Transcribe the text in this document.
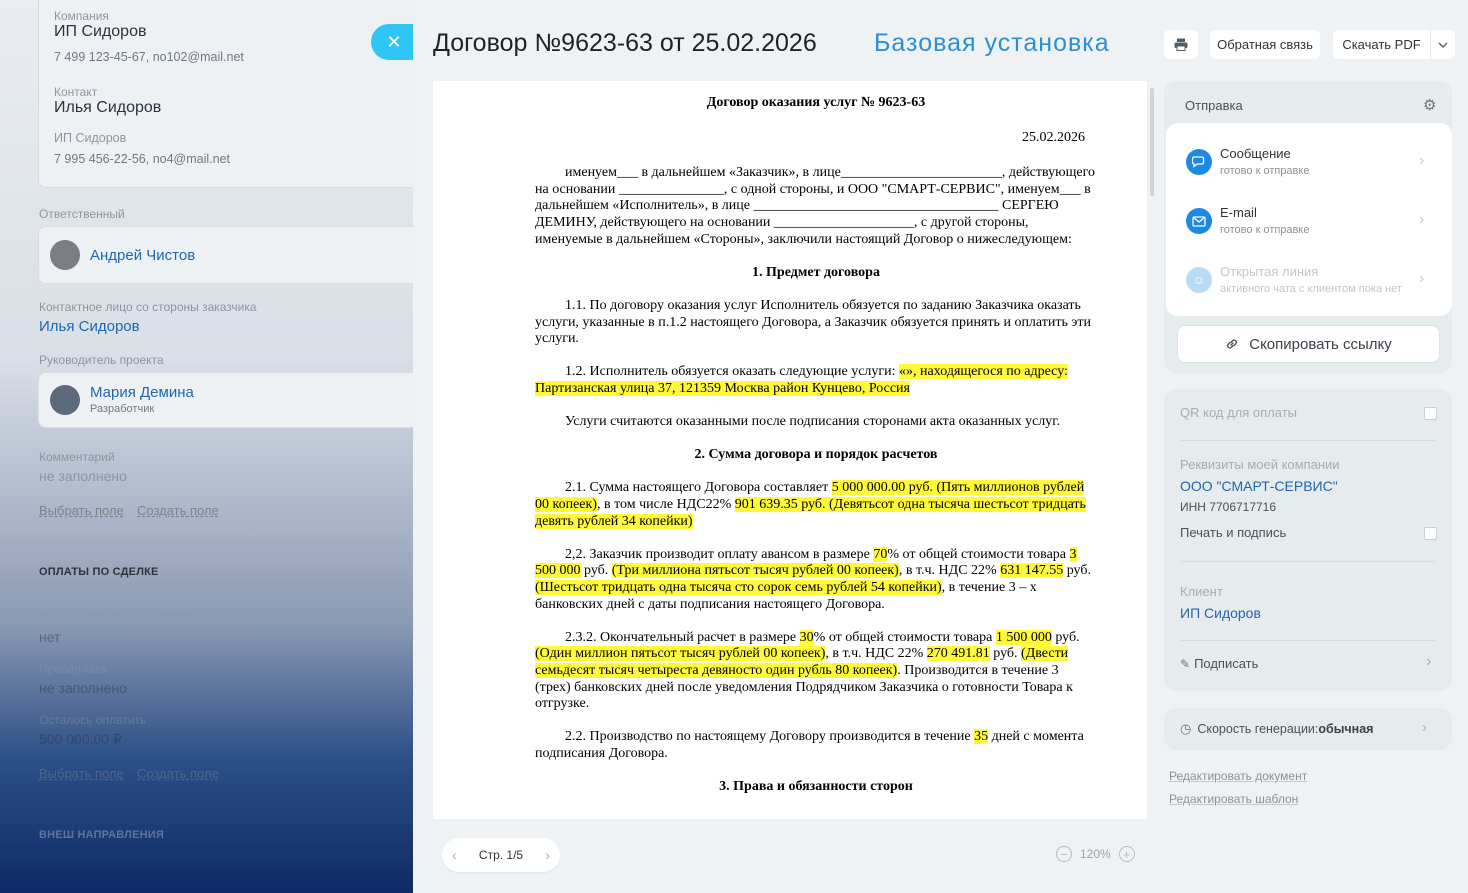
Компания
ИП Сидоров
7 499 123-45-67, no102@mail.net
Контакт
Илья Сидоров
ИП Сидоров
7 995 456-22-56, no4@mail.net
Ответственный
Андрей Чистов
Контактное лицо со стороны заказчика
Илья Сидоров
Руководитель проекта
Мария Демина
Разработчик
Комментарий
не заполнено
Выбрать поле Создать поле
ОПЛАТЫ ПО СДЕЛКЕ
Пересчитать данные сделки
нет
Предоплата
не заполнено
Осталось оплатить
500 000.00 ₽
Выбрать поле Создать поле
ВНЕШ НАПРАВЛЕНИЯ
✕ Договор №9623-63 от 25.02.2026 Базовая установка	Обратная связь	Скачать PDF

Договор оказания услуг № 9623-63

25.02.2026

именуем___ в дальнейшем «Заказчик», в лице_______________________, действующего на основании _______________, с одной стороны, и ООО "СМАРТ-СЕРВИС", именуем___ в дальнейшем «Исполнитель», в лице ___________________________________ СЕРГЕЮ ДЕМИНУ, действующего на основании ____________________, с другой стороны, именуемые в дальнейшем «Стороны», заключили настоящий Договор о нижеследующем:

1. Предмет договора

1.1. По договору оказания услуг Исполнитель обязуется по заданию Заказчика оказать услуги, указанные в п.1.2 настоящего Договора, а Заказчик обязуется принять и оплатить эти услуги.

1.2. Исполнитель обязуется оказать следующие услуги: «», находящегося по адресу: Партизанская улица 37, 121359 Москва район Кунцево, Россия

Услуги считаются оказанными после подписания сторонами акта оказанных услуг.

2. Сумма договора и порядок расчетов

2.1. Сумма настоящего Договора составляет 5 000 000.00 руб. (Пять миллионов рублей 00 копеек), в том числе НДС22% 901 639.35 руб. (Девятьсот одна тысяча шестьсот тридцать девять рублей 34 копейки)

2,2. Заказчик производит оплату авансом в размере 70% от общей стоимости товара 3 500 000 руб. (Три миллиона пятьсот тысяч рублей 00 копеек), в т.ч. НДС 22% 631 147.55 руб. (Шестьсот тридцать одна тысяча сто сорок семь рублей 54 копейки), в течение 3 – х банковских дней с даты подписания настоящего Договора.

2.3.2. Окончательный расчет в размере 30% от общей стоимости товара 1 500 000 руб. (Один миллион пятьсот тысяч рублей 00 копеек), в т.ч. НДС 22% 270 491.81 руб. (Двести семьдесят тысяч четыреста девяносто один рубль 80 копеек). Производится в течение 3 (трех) банковских дней после уведомления Подрядчиком Заказчика о готовности Товара к отгрузке.

2.2. Производство по настоящему Договору производится в течение 35 дней с момента подписания Договора.

3. Права и обязанности сторон

‹ Стр. 1/5 ›	−	120% +
Отправка	⚙
Сообщение
готово к отправке
›
E-mail
готово к отправке
›
☺
Открытая линия
активного чата с клиентом пока нет
›
Скопировать ссылку
QR код для оплаты
Реквизиты моей компании
ООО "СМАРТ-СЕРВИС"
ИНН 7706717716
Печать и подпись
Клиент
ИП Сидоров
✎ Подписать	›
◷ Скорость генерации:обычная	›
Редактировать документ
Редактировать шаблон
